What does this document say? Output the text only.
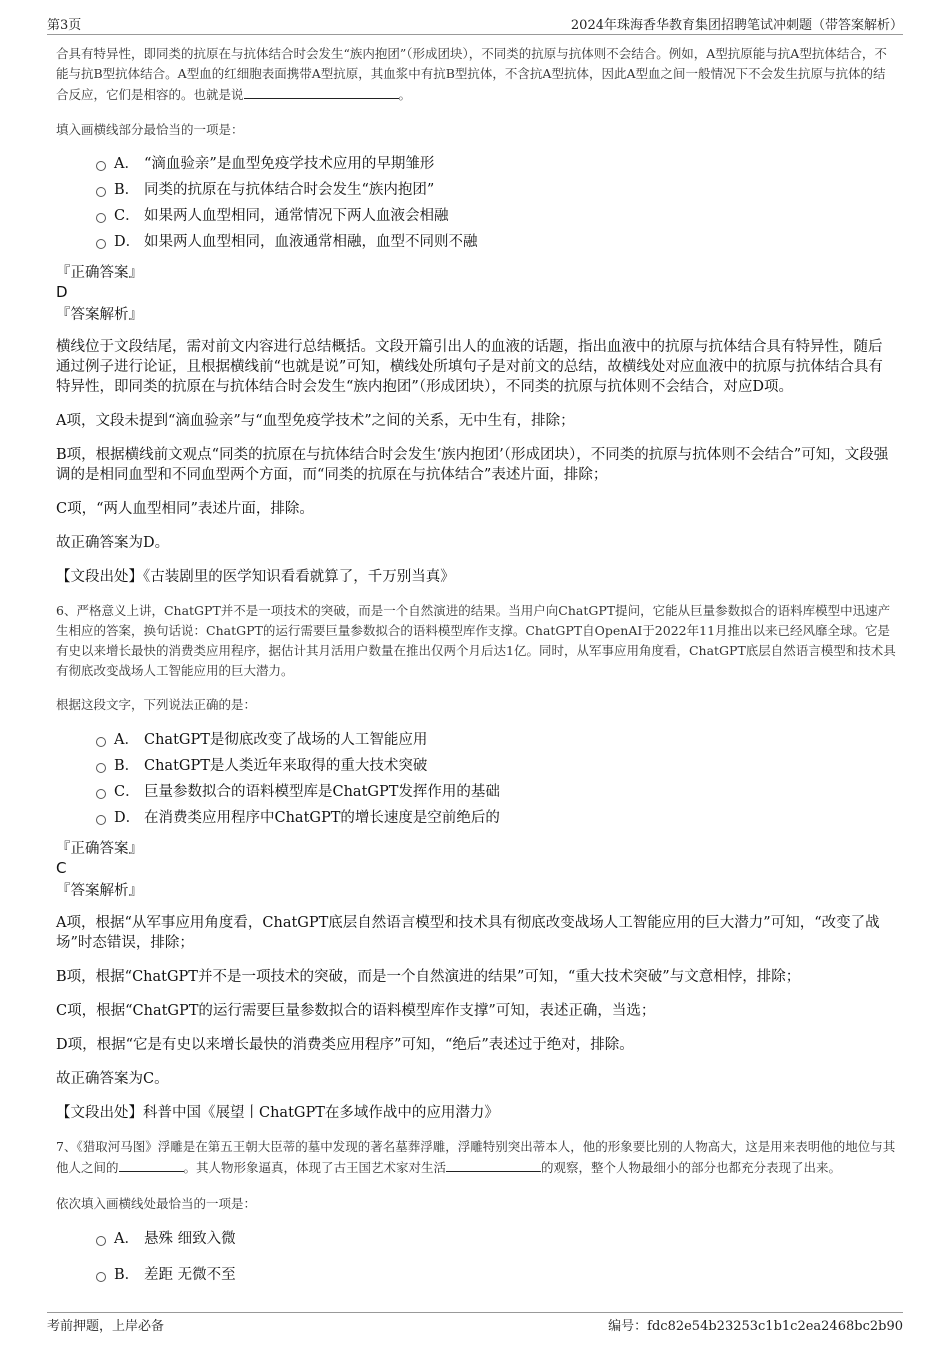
第3页	2024年珠海香华教育集团招聘笔试冲刺题（带答案解析）

合具有特异性，即同类的抗原在与抗体结合时会发生“族内抱团”（形成团块），不同类的抗原与抗体则不会结合。例如，A型抗原能与抗A型抗体结合，不能与抗B型抗体结合。A型血的红细胞表面携带A型抗原，其血浆中有抗B型抗体，不含抗A型抗体，因此A型血之间一般情况下不会发生抗原与抗体的结合反应，它们是相容的。也就是说	。

填入画横线部分最恰当的一项是：

A． “滴血验亲”是血型免疫学技术应用的早期雏形
B． 同类的抗原在与抗体结合时会发生“族内抱团”
C． 如果两人血型相同，通常情况下两人血液会相融
D． 如果两人血型相同，血液通常相融，血型不同则不融

『正确答案』

D

『答案解析』

横线位于文段结尾，需对前文内容进行总结概括。文段开篇引出人的血液的话题，指出血液中的抗原与抗体结合具有特异性，随后通过例子进行论证，且根据横线前“也就是说”可知，横线处所填句子是对前文的总结，故横线处对应血液中的抗原与抗体结合具有特异性，即同类的抗原在与抗体结合时会发生“族内抱团”（形成团块），不同类的抗原与抗体则不会结合，对应D项。

A项，文段未提到“滴血验亲”与“血型免疫学技术”之间的关系，无中生有，排除；

B项，根据横线前文观点“同类的抗原在与抗体结合时会发生‘族内抱团’（形成团块），不同类的抗原与抗体则不会结合”可知，文段强调的是相同血型和不同血型两个方面，而“同类的抗原在与抗体结合”表述片面，排除；

C项，“两人血型相同”表述片面，排除。

故正确答案为D。

【文段出处】《古装剧里的医学知识看看就算了，千万别当真》

6、严格意义上讲，ChatGPT并不是一项技术的突破，而是一个自然演进的结果。当用户向ChatGPT提问，它能从巨量参数拟合的语料库模型中迅速产生相应的答案，换句话说：ChatGPT的运行需要巨量参数拟合的语料模型库作支撑。ChatGPT自OpenAI于2022年11月推出以来已经风靡全球。它是有史以来增长最快的消费类应用程序，据估计其月活用户数量在推出仅两个月后达1亿。同时，从军事应用角度看，ChatGPT底层自然语言模型和技术具有彻底改变战场人工智能应用的巨大潜力。

根据这段文字，下列说法正确的是：

A． ChatGPT是彻底改变了战场的人工智能应用
B． ChatGPT是人类近年来取得的重大技术突破
C． 巨量参数拟合的语料模型库是ChatGPT发挥作用的基础
D． 在消费类应用程序中ChatGPT的增长速度是空前绝后的

『正确答案』

C

『答案解析』

A项，根据“从军事应用角度看，ChatGPT底层自然语言模型和技术具有彻底改变战场人工智能应用的巨大潜力”可知，“改变了战场”时态错误，排除；

B项，根据“ChatGPT并不是一项技术的突破，而是一个自然演进的结果”可知，“重大技术突破”与文意相悖，排除；

C项，根据“ChatGPT的运行需要巨量参数拟合的语料模型库作支撑”可知，表述正确，当选；

D项，根据“它是有史以来增长最快的消费类应用程序”可知，“绝后”表述过于绝对，排除。

故正确答案为C。

【文段出处】科普中国《展望丨ChatGPT在多域作战中的应用潜力》

7、《猎取河马图》浮雕是在第五王朝大臣蒂的墓中发现的著名墓葬浮雕，浮雕特别突出蒂本人，他的形象要比别的人物高大，这是用来表明他的地位与其他人之间的	。其人物形象逼真，体现了古王国艺术家对生活	的观察，整个人物最细小的部分也都充分表现了出来。

依次填入画横线处最恰当的一项是：

A． 悬殊 细致入微
B． 差距 无微不至
考前押题，上岸必备	编号：fdc82e54b23253c1b1c2ea2468bc2b90
